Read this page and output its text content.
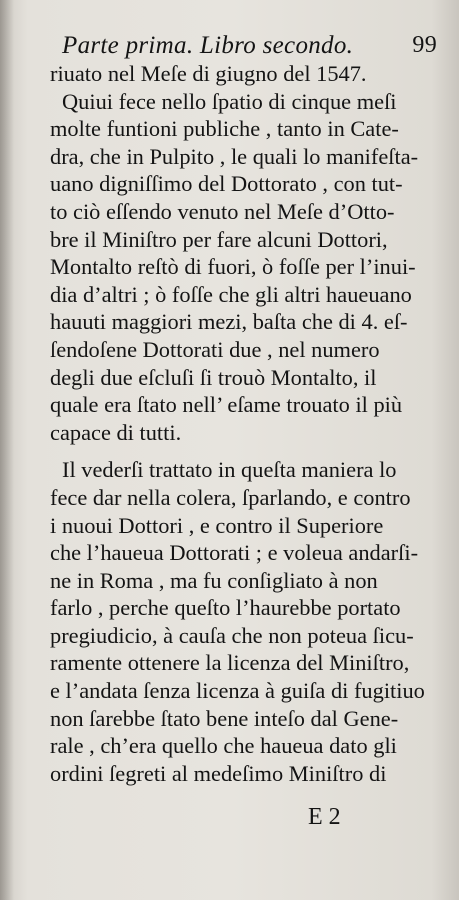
Parte prima. Libro secondo. 99
riuato nel Meſe di giugno del 1547.
Quiui fece nello ſpatio di cinque meſi
molte funtioni publiche , tanto in Cate-
dra, che in Pulpito , le quali lo manifeſta-
uano digniſſimo del Dottorato , con tut-
to ciò eſſendo venuto nel Meſe d’Otto-
bre il Miniſtro per fare alcuni Dottori,
Montalto reſtò di fuori, ò foſſe per l’inui-
dia d’altri ; ò foſſe che gli altri haueuano
hauuti maggiori mezi, baſta che di 4. eſ-
ſendoſene Dottorati due , nel numero
degli due eſcluſi ſi trouò Montalto, il
quale era ſtato nell’ eſame trouato il più
capace di tutti.
Il vederſi trattato in queſta maniera lo
fece dar nella colera, ſparlando, e contro
i nuoui Dottori , e contro il Superiore
che l’haueua Dottorati ; e voleua andarſi-
ne in Roma , ma fu conſigliato à non
farlo , perche queſto l’haurebbe portato
pregiudicio, à cauſa che non poteua ſicu-
ramente ottenere la licenza del Miniſtro,
e l’andata ſenza licenza à guiſa di fugitiuo
non ſarebbe ſtato bene inteſo dal Gene-
rale , ch’era quello che haueua dato gli
ordini ſegreti al medeſimo Miniſtro di
E 2
